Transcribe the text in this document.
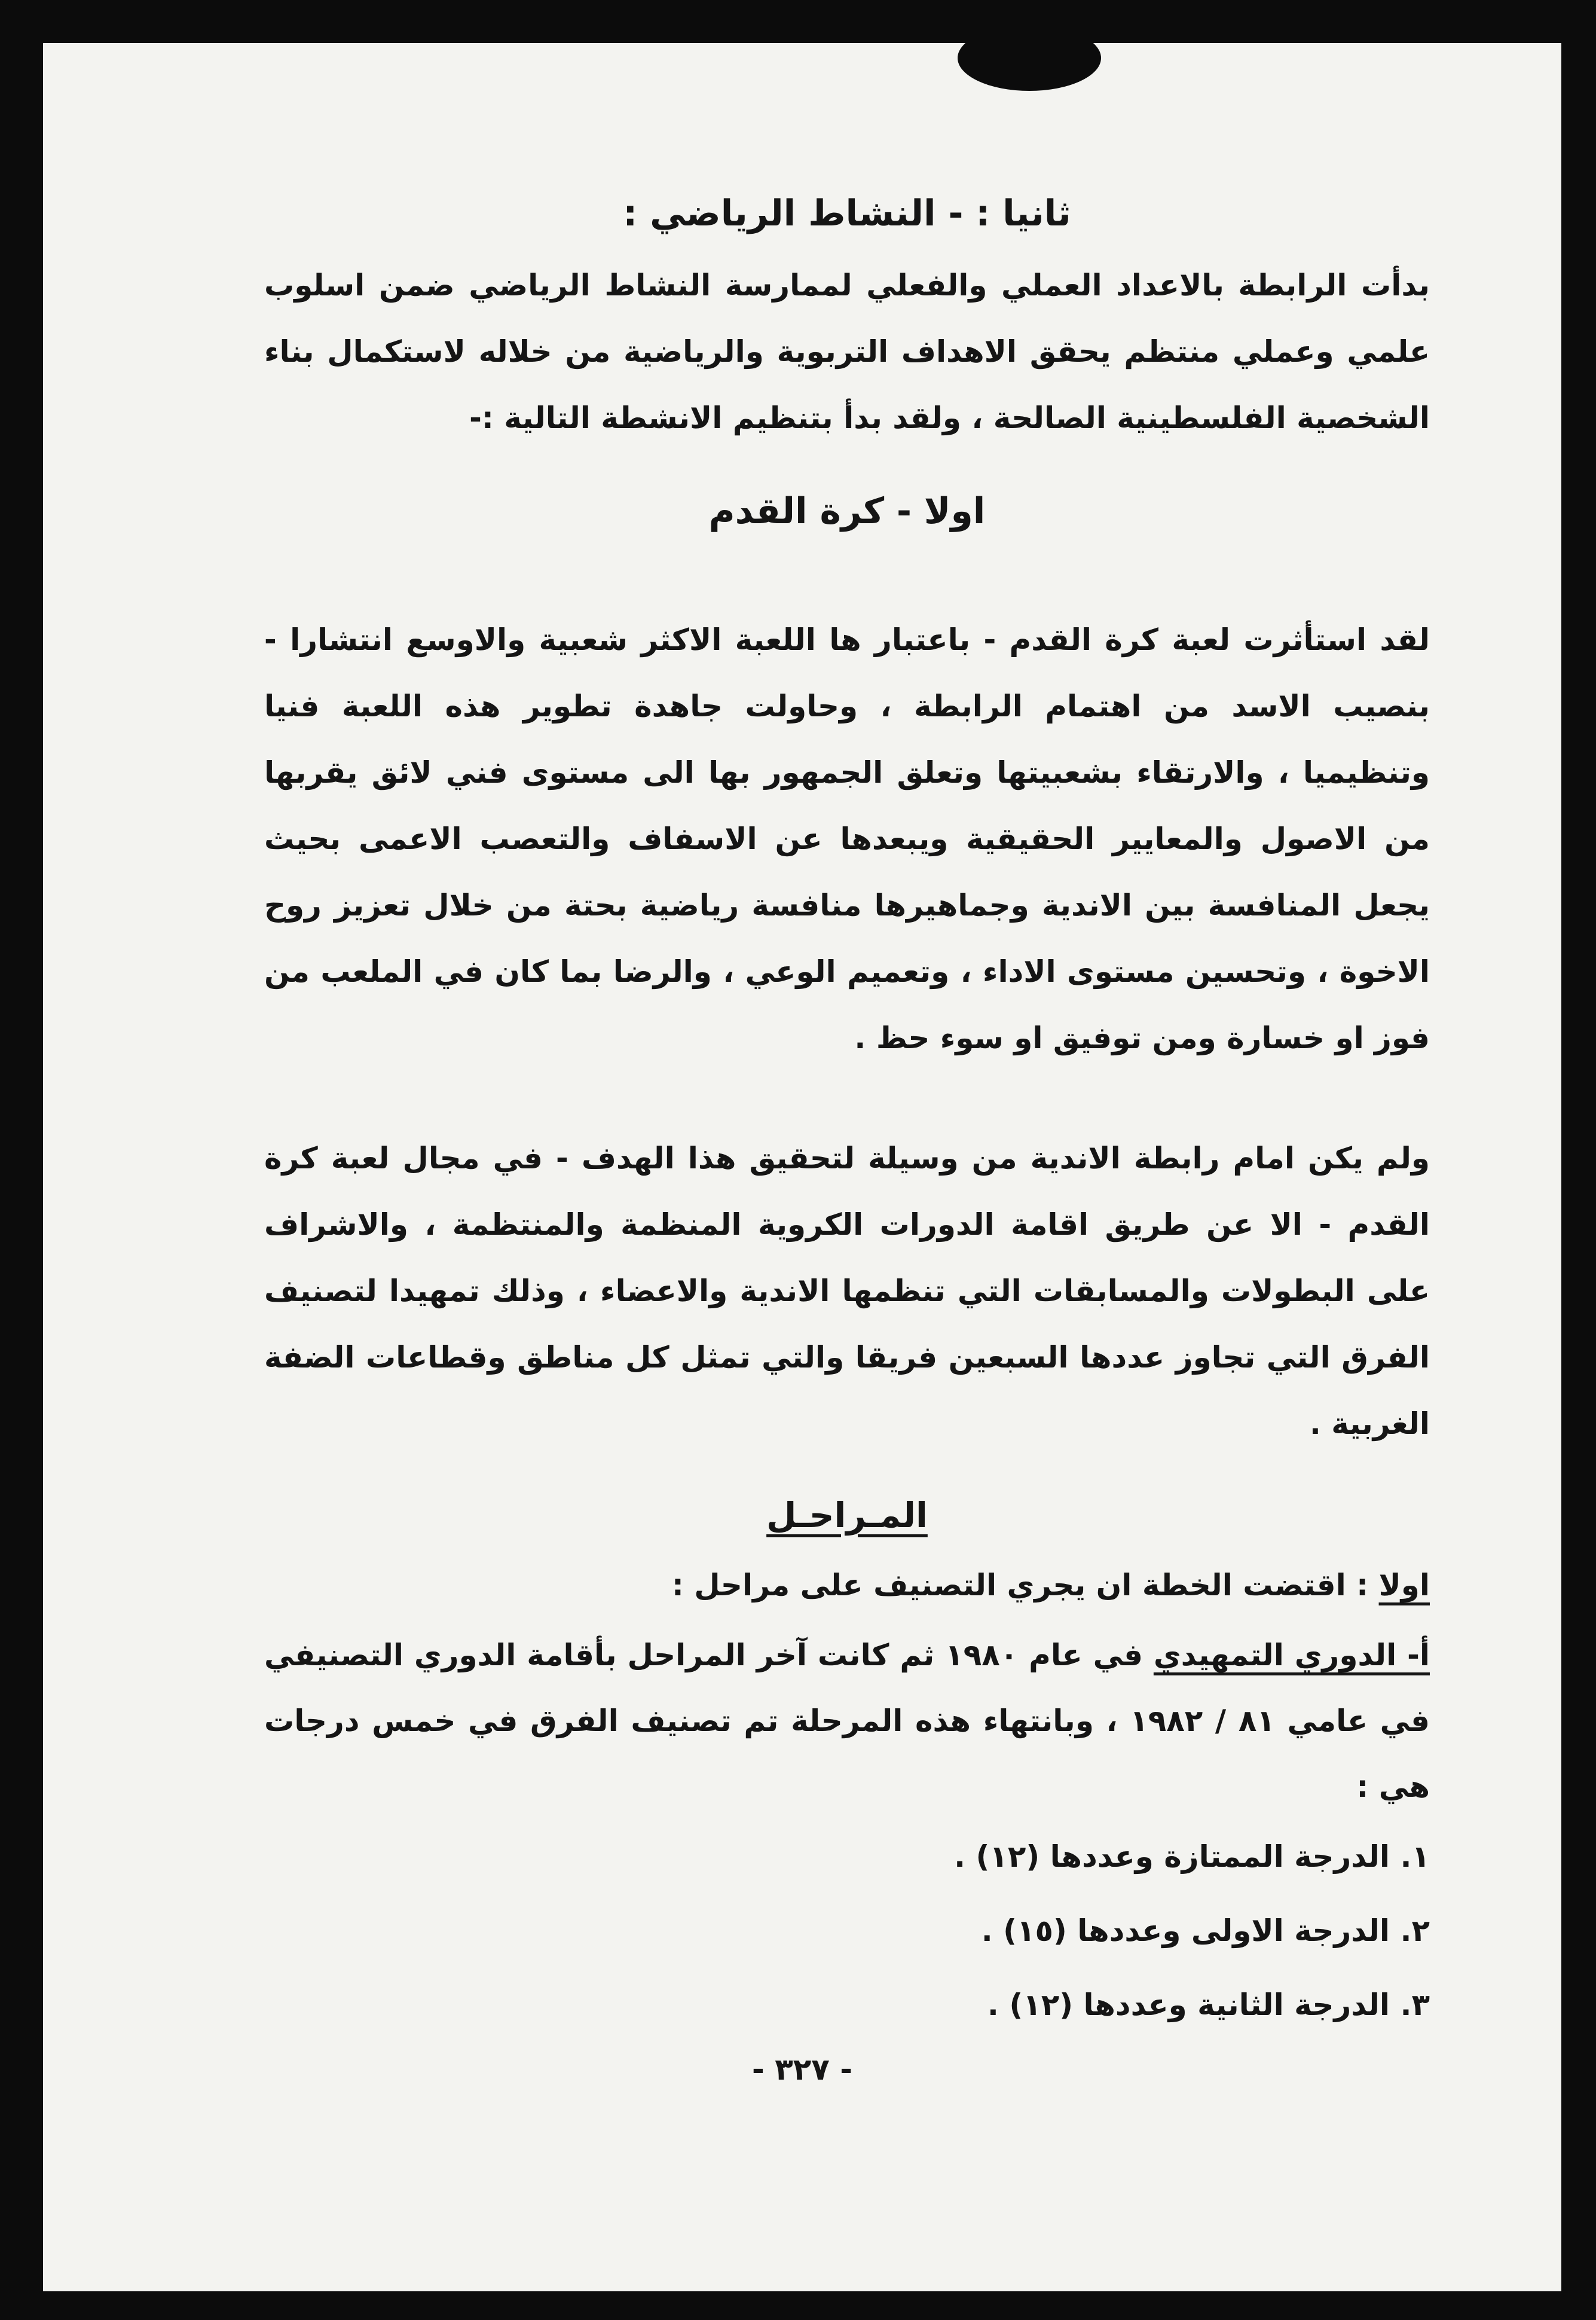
ثانيا : - النشاط الرياضي :

بدأت الرابطة بالاعداد العملي والفعلي لممارسة النشاط الرياضي ضمن اسلوب علمي وعملي منتظم يحقق الاهداف التربوية والرياضية من خلاله لاستكمال بناء الشخصية الفلسطينية الصالحة ، ولقد بدأ بتنظيم الانشطة التالية :-

اولا - كرة القدم

لقد استأثرت لعبة كرة القدم - باعتبار ها اللعبة الاكثر شعبية والاوسع انتشارا - بنصيب الاسد من اهتمام الرابطة ، وحاولت جاهدة تطوير هذه اللعبة فنيا وتنظيميا ، والارتقاء بشعبيتها وتعلق الجمهور بها الى مستوى فني لائق يقربها من الاصول والمعايير الحقيقية ويبعدها عن الاسفاف والتعصب الاعمى بحيث يجعل المنافسة بين الاندية وجماهيرها منافسة رياضية بحتة من خلال تعزيز روح الاخوة ، وتحسين مستوى الاداء ، وتعميم الوعي ، والرضا بما كان في الملعب من فوز او خسارة ومن توفيق او سوء حظ .

ولم يكن امام رابطة الاندية من وسيلة لتحقيق هذا الهدف - في مجال لعبة كرة القدم - الا عن طريق اقامة الدورات الكروية المنظمة والمنتظمة ، والاشراف على البطولات والمسابقات التي تنظمها الاندية والاعضاء ، وذلك تمهيدا لتصنيف الفرق التي تجاوز عددها السبعين فريقا والتي تمثل كل مناطق وقطاعات الضفة الغربية .

المـراحـل

اولا : اقتضت الخطة ان يجري التصنيف على مراحل :

أ- الدوري التمهيدي في عام ١٩٨٠ ثم كانت آخر المراحل بأقامة الدوري التصنيفي في عامي ٨١ / ١٩٨٢ ، وبانتهاء هذه المرحلة تم تصنيف الفرق في خمس درجات هي :

١. الدرجة الممتازة وعددها (١٢) .

٢. الدرجة الاولى وعددها (١٥) .

٣. الدرجة الثانية وعددها (١٢) .

- ٣٢٧ -
